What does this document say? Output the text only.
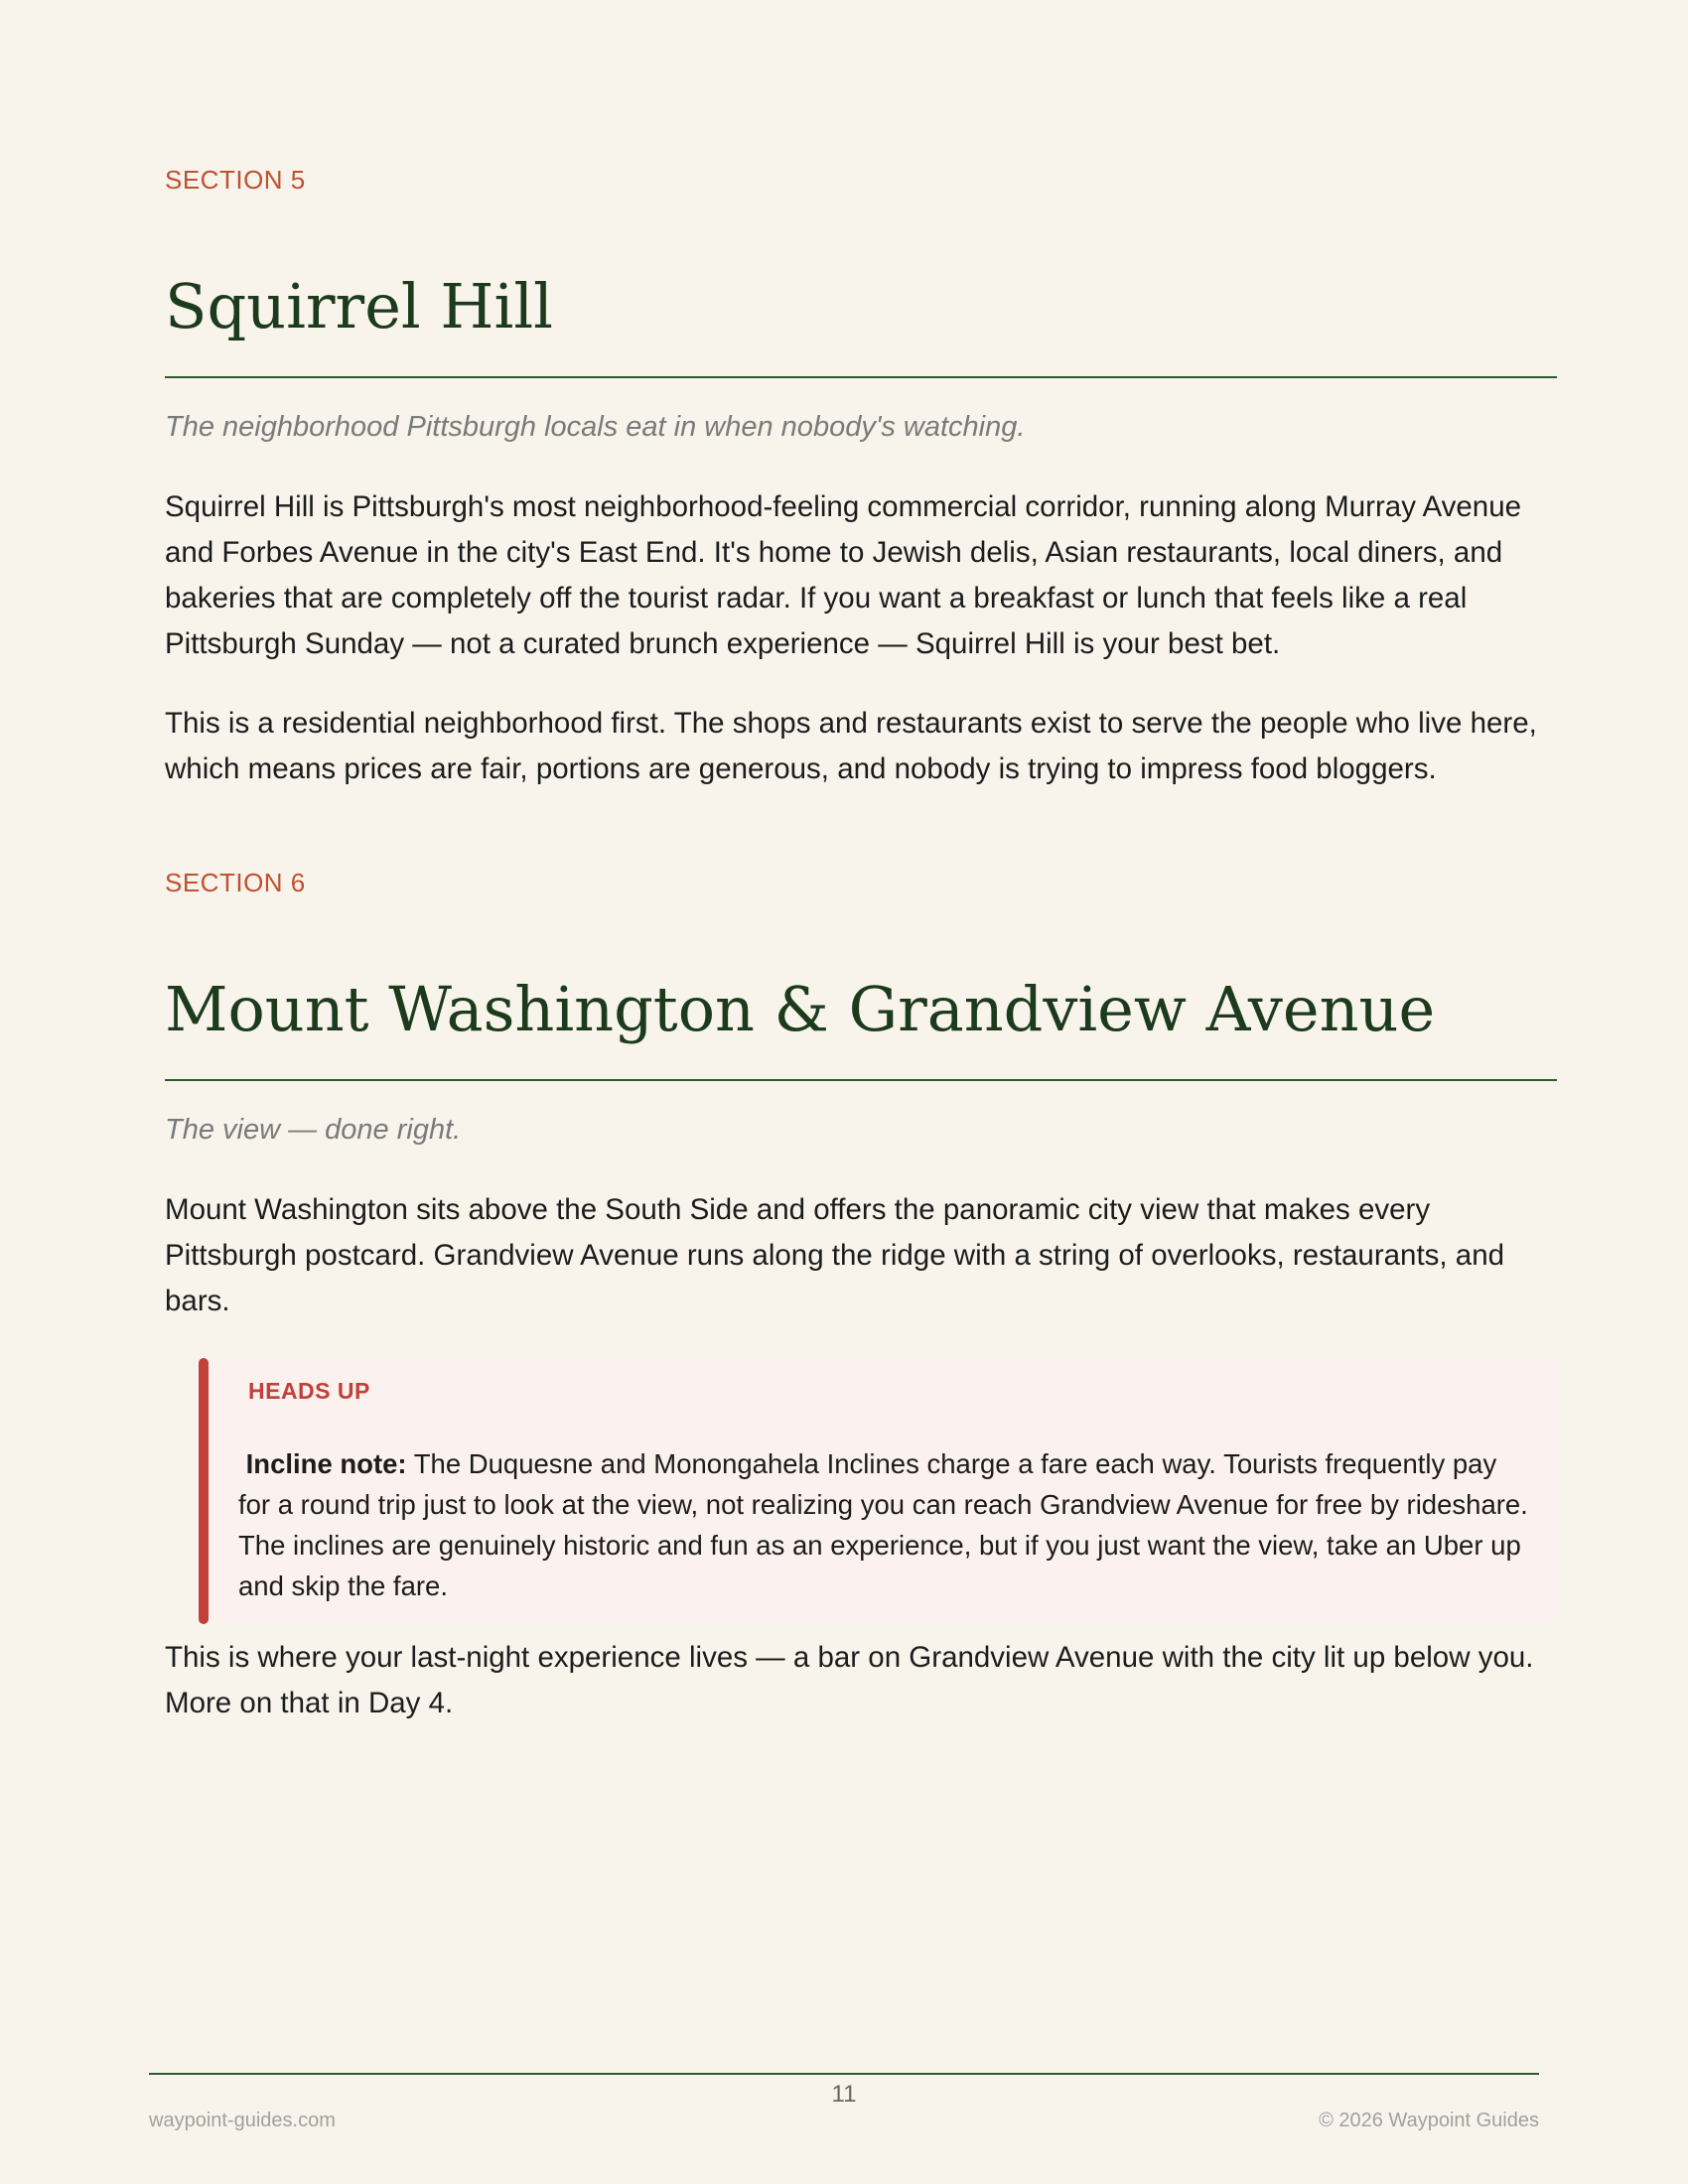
SECTION 5

Squirrel Hill

The neighborhood Pittsburgh locals eat in when nobody's watching.

Squirrel Hill is Pittsburgh's most neighborhood-feeling commercial corridor, running along Murray Avenue and Forbes Avenue in the city's East End. It's home to Jewish delis, Asian restaurants, local diners, and bakeries that are completely off the tourist radar. If you want a breakfast or lunch that feels like a real Pittsburgh Sunday — not a curated brunch experience — Squirrel Hill is your best bet.

This is a residential neighborhood first. The shops and restaurants exist to serve the people who live here, which means prices are fair, portions are generous, and nobody is trying to impress food bloggers.

SECTION 6

Mount Washington & Grandview Avenue

The view — done right.

Mount Washington sits above the South Side and offers the panoramic city view that makes every Pittsburgh postcard. Grandview Avenue runs along the ridge with a string of overlooks, restaurants, and bars.

HEADS UP

Incline note: The Duquesne and Monongahela Inclines charge a fare each way. Tourists frequently pay for a round trip just to look at the view, not realizing you can reach Grandview Avenue for free by rideshare. The inclines are genuinely historic and fun as an experience, but if you just want the view, take an Uber up and skip the fare.

This is where your last-night experience lives — a bar on Grandview Avenue with the city lit up below you. More on that in Day 4.

11
waypoint-guides.com	© 2026 Waypoint Guides
